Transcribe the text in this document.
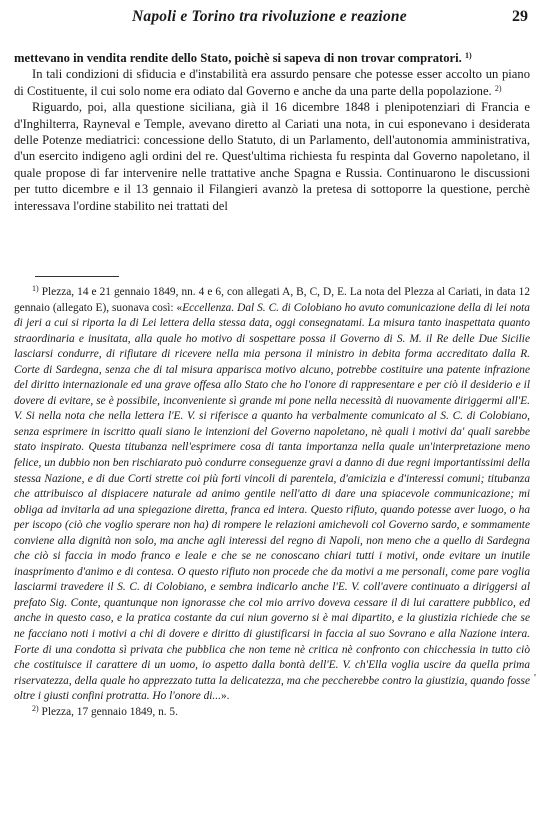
Napoli e Torino tra rivoluzione e reazione	29

mettevano in vendita rendite dello Stato, poichè si sapeva di non trovar compratori. $^{1)}$

In tali condizioni di sfiducia e d'instabilità era assurdo pensare che potesse esser accolto un piano di Costituente, il cui solo nome era odiato dal Governo e anche da una parte della popolazione. $^{2)}$

Riguardo, poi, alla questione siciliana, già il 16 dicembre 1848 i plenipotenziari di Francia e d'Inghilterra, Rayneval e Temple, avevano diretto al Cariati una nota, in cui esponevano i desiderata delle Potenze mediatrici: concessione dello Statuto, di un Parlamento, dell'autonomia amministrativa, d'un esercito indigeno agli ordini del re. Quest'ultima richiesta fu respinta dal Governo napoletano, il quale propose di far intervenire nelle trattative anche Spagna e Russia. Continuarono le discussioni per tutto dicembre e il 13 gennaio il Filangieri avanzò la pretesa di sottoporre la questione, perchè interessava l'ordine stabilito nei trattati del

$^{1)}$ Plezza, 14 e 21 gennaio 1849, nn. 4 e 6, con allegati A, B, C, D, E. La nota del Plezza al Cariati, in data 12 gennaio (allegato E), suonava così: «Eccellenza. Dal S. C. di Colobiano ho avuto comunicazione della di lei nota di jeri a cui si riporta la di Lei lettera della stessa data, oggi consegnatami. La misura tanto inaspettata quanto straordinaria e inusitata, alla quale ho motivo di sospettare possa il Governo di S. M. il Re delle Due Sicilie lasciarsi condurre, di rifiutare di ricevere nella mia persona il ministro in debita forma accreditato dalla R. Corte di Sardegna, senza che di tal misura apparisca motivo alcuno, potrebbe costituire una patente infrazione del diritto internazionale ed una grave offesa allo Stato che ho l'onore di rappresentare e per ciò il desiderio e il dovere di evitare, se è possibile, inconveniente sì grande mi pone nella necessità di nuovamente diriggermi all'E. V. Si nella nota che nella lettera l'E. V. si riferisce a quanto ha verbalmente comunicato al S. C. di Colobiano, senza esprimere in iscritto quali siano le intenzioni del Governo napoletano, nè quali i motivi da' quali sarebbe stato inspirato. Questa titubanza nell'esprimere cosa di tanta importanza nella quale un'interpretazione meno felice, un dubbio non ben rischiarato può condurre conseguenze gravi a danno di due regni importantissimi della stessa Nazione, e di due Corti strette coi più forti vincoli di parentela, d'amicizia e d'interessi comuni; titubanza che attribuisco al dispiacere naturale ad animo gentile nell'atto di dare una spiacevole communicazione; mi obliga ad invitarla ad una spiegazione diretta, franca ed intera. Questo rifiuto, quando potesse aver luogo, o ha per iscopo (ciò che voglio sperare non ha) di rompere le relazioni amichevoli col Governo sardo, e sommamente conviene alla dignità non solo, ma anche agli interessi del regno di Napoli, non meno che a quello di Sardegna che ciò si faccia in modo franco e leale e che se ne conoscano chiari tutti i motivi, onde evitare un inutile inasprimento d'animo e di contesa. O questo rifiuto non procede che da motivi a me personali, come pare voglia lasciarmi travedere il S. C. di Colobiano, e sembra indicarlo anche l'E. V. coll'avere continuato a diriggersi al prefato Sig. Conte, quantunque non ignorasse che col mio arrivo doveva cessare il di lui carattere pubblico, ed anche in questo caso, e la pratica costante da cui niun governo si è mai dipartito, e la giustizia richiede che se ne facciano noti i motivi a chi di dovere e diritto di giustificarsi in faccia al suo Sovrano e alla Nazione intera. Forte di una condotta sì privata che pubblica che non teme nè critica nè confronto con chicchessia in tutto ciò che costituisce il carattere di un uomo, io aspetto dalla bontà dell'E. V. ch'Ella voglia uscire da quella prima riservatezza, della quale ho apprezzato tutta la delicatezza, ma che peccherebbe contro la giustizia, quando fosse oltre i giusti confini protratta. Ho l'onore di...».

$^{2)}$ Plezza, 17 gennaio 1849, n. 5.

'
